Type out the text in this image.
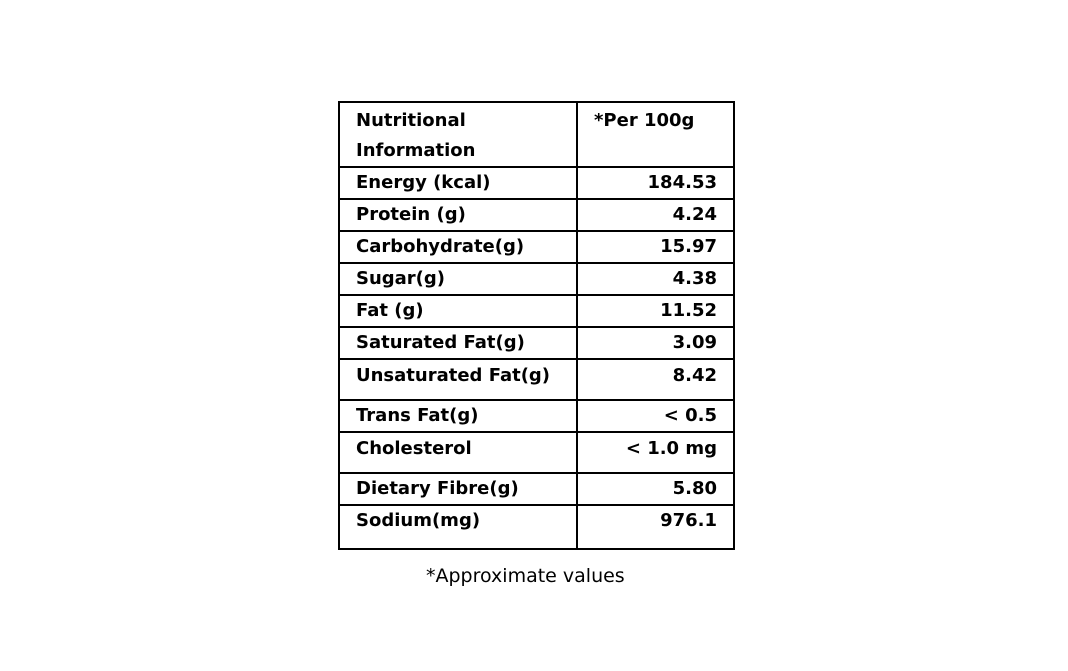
Nutritional Information	*Per 100g
Energy (kcal)	184.53
Protein (g)	4.24
Carbohydrate(g)	15.97
Sugar(g)	4.38
Fat (g)	11.52
Saturated Fat(g)	3.09
Unsaturated Fat(g)	8.42
Trans Fat(g)	< 0.5
Cholesterol	< 1.0 mg
Dietary Fibre(g)	5.80
Sodium(mg)	976.1
*Approximate values
